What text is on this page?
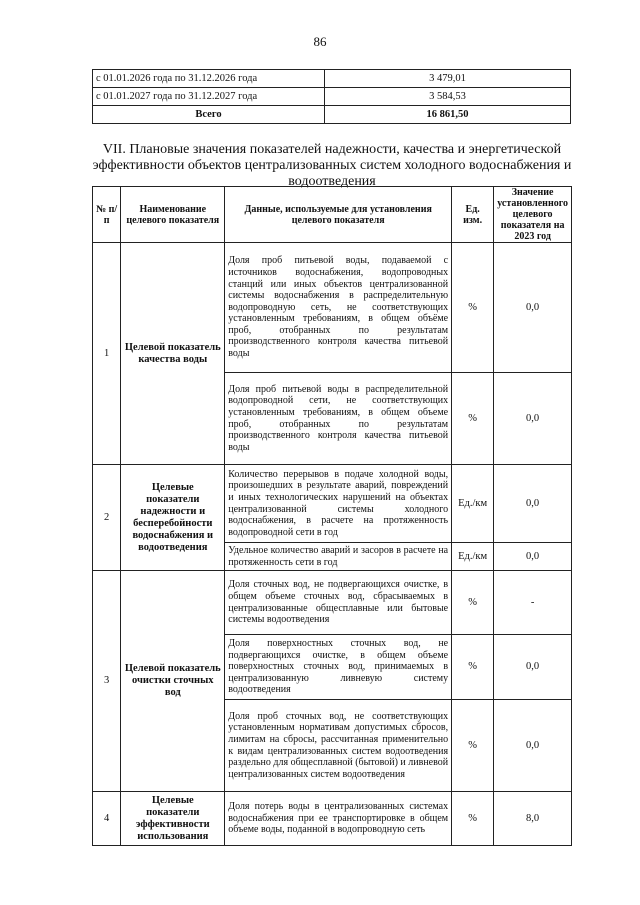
86
с 01.01.2026 года по 31.12.2026 года	3 479,01
с 01.01.2027 года по 31.12.2027 года	3 584,53
Всего	16 861,50
VII. Плановые значения показателей надежности, качества и энергетической эффективности объектов централизованных систем холодного водоснабжения и водоотведения
№ п/п	Наименование целевого показателя	Данные, используемые для установления целевого показателя	Ед. изм.	Значение установленного целевого показателя на 2023 год
1	Целевой показатель качества воды	Доля проб питьевой воды, подаваемой с источников водоснабжения, водопроводных станций или иных объектов централизованной системы водоснабжения в распределительную водопроводную сеть, не соответствующих установленным требованиям, в общем объёме проб, отобранных по результатам производственного контроля качества питьевой воды	%	0,0
		Доля проб питьевой воды в распределительной водопроводной сети, не соответствующих установленным требованиям, в общем объеме проб, отобранных по результатам производственного контроля качества питьевой воды	%	0,0
2	Целевые показатели надежности и бесперебойности водоснабжения и водоотведения	Количество перерывов в подаче холодной воды, произошедших в результате аварий, повреждений и иных технологических нарушений на объектах централизованной системы холодного водоснабжения, в расчете на протяженность водопроводной сети в год	Ед./км	0,0
		Удельное количество аварий и засоров в расчете на протяженность сети в год	Ед./км	0,0
3	Целевой показатель очистки сточных вод	Доля сточных вод, не подвергающихся очистке, в общем объеме сточных вод, сбрасываемых в централизованные общесплавные или бытовые системы водоотведения	%	-
		Доля поверхностных сточных вод, не подвергающихся очистке, в общем объеме поверхностных сточных вод, принимаемых в централизованную ливневую систему водоотведения	%	0,0
		Доля проб сточных вод, не соответствующих установленным нормативам допустимых сбросов, лимитам на сбросы, рассчитанная применительно к видам централизованных систем водоотведения раздельно для общесплавной (бытовой) и ливневой централизованных систем водоотведения	%	0,0
4	Целевые показатели эффективности использования	Доля потерь воды в централизованных системах водоснабжения при ее транспортировке в общем объеме воды, поданной в водопроводную сеть	%	8,0
